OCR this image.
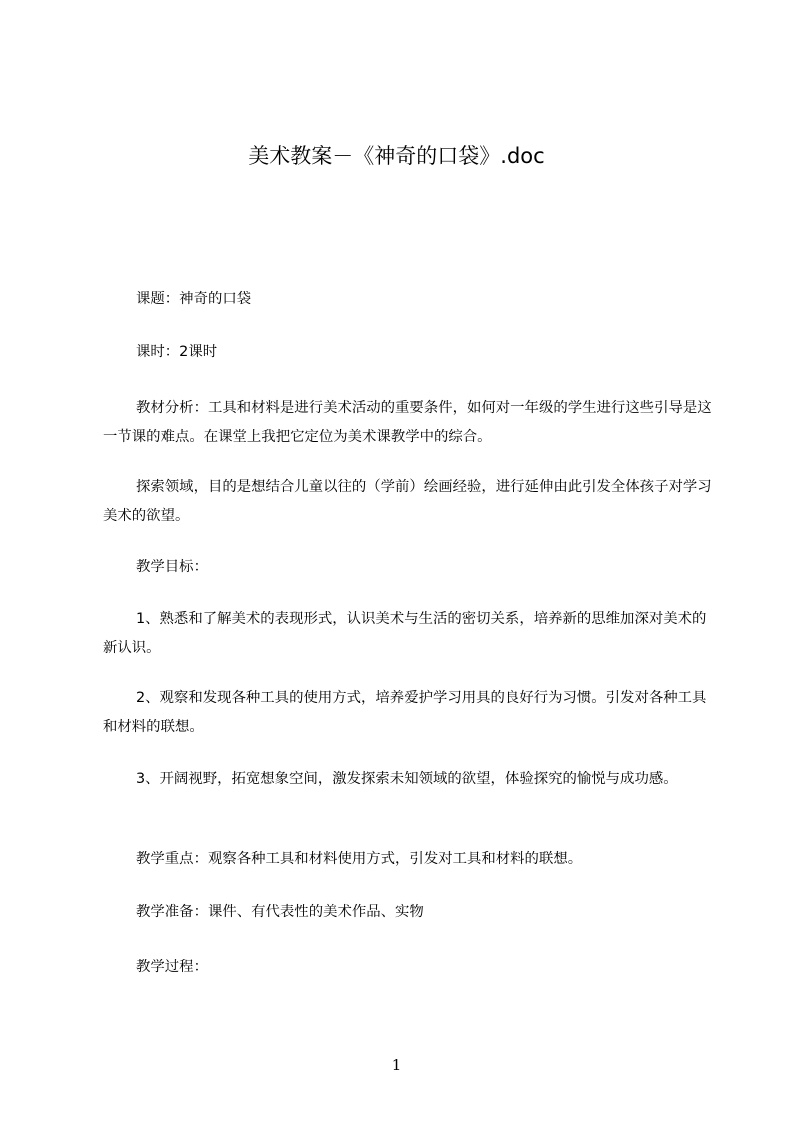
美术教案－《神奇的口袋》.doc

课题：神奇的口袋

课时：2课时

教材分析：工具和材料是进行美术活动的重要条件，如何对一年级的学生进行这些引导是这一节课的难点。在课堂上我把它定位为美术课教学中的综合。

探索领域，目的是想结合儿童以往的（学前）绘画经验，进行延伸由此引发全体孩子对学习美术的欲望。

教学目标：

1、熟悉和了解美术的表现形式，认识美术与生活的密切关系，培养新的思维加深对美术的新认识。

2、观察和发现各种工具的使用方式，培养爱护学习用具的良好行为习惯。引发对各种工具和材料的联想。

3、开阔视野，拓宽想象空间，激发探索未知领域的欲望，体验探究的愉悦与成功感。

教学重点：观察各种工具和材料使用方式，引发对工具和材料的联想。

教学准备：课件、有代表性的美术作品、实物

教学过程：

1
